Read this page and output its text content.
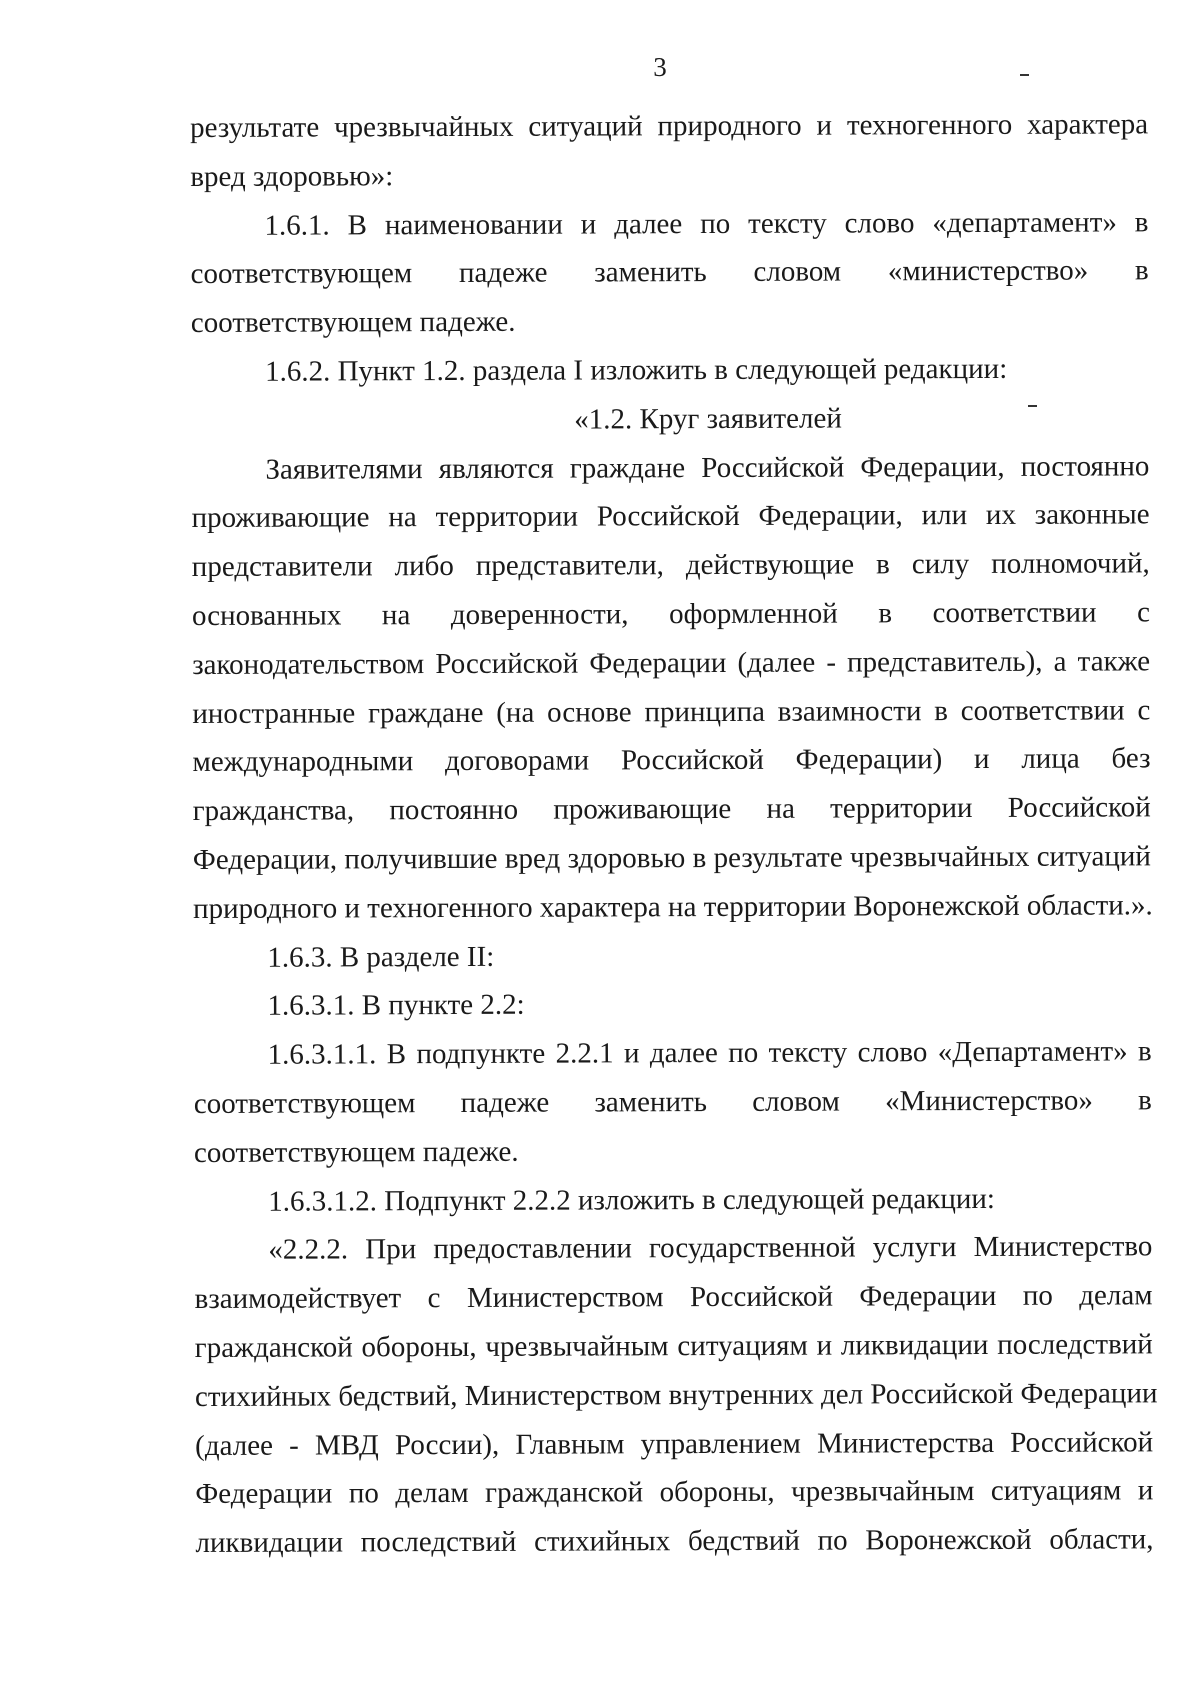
3
результате чрезвычайных ситуаций природного и техногенного характера
вред здоровью»:
1.6.1. В наименовании и далее по тексту слово «департамент» в
соответствующем падеже заменить словом «министерство» в
соответствующем падеже.
1.6.2. Пункт 1.2. раздела I изложить в следующей редакции:
«1.2. Круг заявителей
Заявителями являются граждане Российской Федерации, постоянно
проживающие на территории Российской Федерации, или их законные
представители либо представители, действующие в силу полномочий,
основанных на доверенности, оформленной в соответствии с
законодательством Российской Федерации (далее - представитель), а также
иностранные граждане (на основе принципа взаимности в соответствии с
международными договорами Российской Федерации) и лица без
гражданства, постоянно проживающие на территории Российской
Федерации, получившие вред здоровью в результате чрезвычайных ситуаций
природного и техногенного характера на территории Воронежской области.».
1.6.3. В разделе II:
1.6.3.1. В пункте 2.2:
1.6.3.1.1. В подпункте 2.2.1 и далее по тексту слово «Департамент» в
соответствующем падеже заменить словом «Министерство» в
соответствующем падеже.
1.6.3.1.2. Подпункт 2.2.2 изложить в следующей редакции:
«2.2.2. При предоставлении государственной услуги Министерство
взаимодействует с Министерством Российской Федерации по делам
гражданской обороны, чрезвычайным ситуациям и ликвидации последствий
стихийных бедствий, Министерством внутренних дел Российской Федерации
(далее - МВД России), Главным управлением Министерства Российской
Федерации по делам гражданской обороны, чрезвычайным ситуациям и
ликвидации последствий стихийных бедствий по Воронежской области,
